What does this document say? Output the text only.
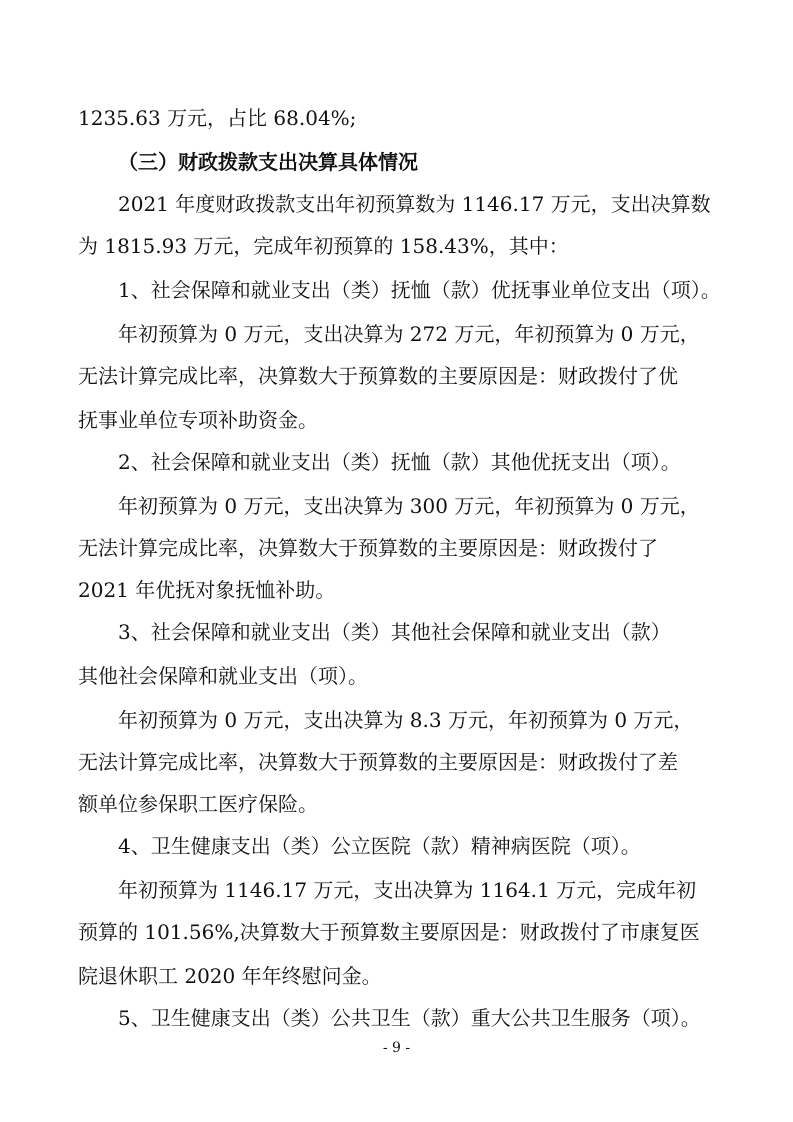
1235.63 万元，占比 68.04%;
（三）财政拨款支出决算具体情况
2021 年度财政拨款支出年初预算数为 1146.17 万元，支出决算数
为 1815.93 万元，完成年初预算的 158.43%，其中：
1、社会保障和就业支出（类）抚恤（款）优抚事业单位支出（项）。
年初预算为 0 万元，支出决算为 272 万元，年初预算为 0 万元，
无法计算完成比率，决算数大于预算数的主要原因是：财政拨付了优
抚事业单位专项补助资金。
2、社会保障和就业支出（类）抚恤（款）其他优抚支出（项）。
年初预算为 0 万元，支出决算为 300 万元，年初预算为 0 万元，
无法计算完成比率，决算数大于预算数的主要原因是：财政拨付了
2021 年优抚对象抚恤补助。
3、社会保障和就业支出（类）其他社会保障和就业支出（款）
其他社会保障和就业支出（项）。
年初预算为 0 万元，支出决算为 8.3 万元，年初预算为 0 万元，
无法计算完成比率，决算数大于预算数的主要原因是：财政拨付了差
额单位参保职工医疗保险。
4、卫生健康支出（类）公立医院（款）精神病医院（项）。
年初预算为 1146.17 万元，支出决算为 1164.1 万元，完成年初
预算的 101.56%,决算数大于预算数主要原因是：财政拨付了市康复医
院退休职工 2020 年年终慰问金。
5、卫生健康支出（类）公共卫生（款）重大公共卫生服务（项）。
- 9 -
